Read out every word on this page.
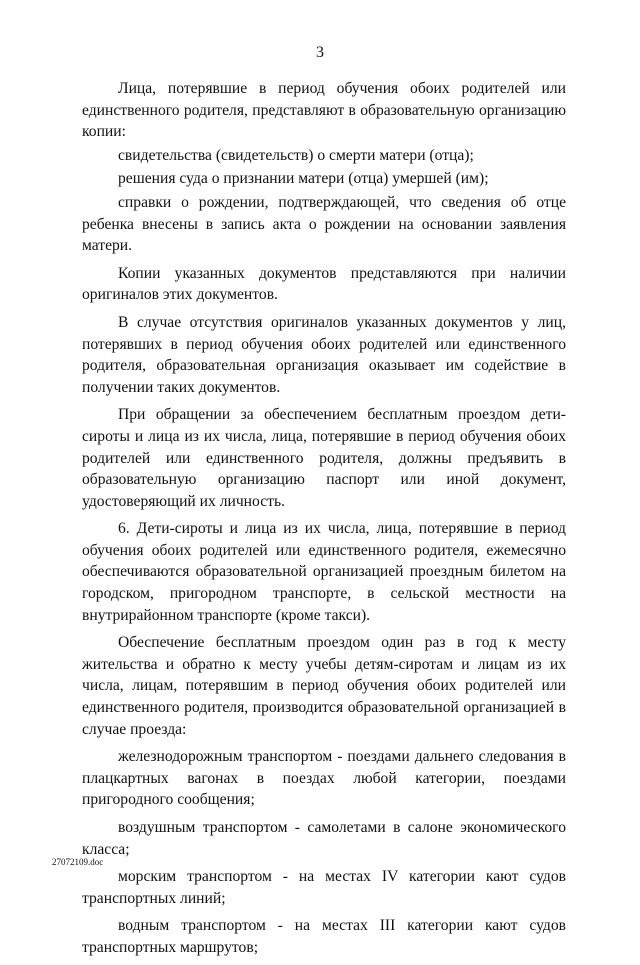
3

Лица, потерявшие в период обучения обоих родителей или единственного родителя, представляют в образовательную организацию копии:

свидетельства (свидетельств) о смерти матери (отца);

решения суда о признании матери (отца) умершей (им);

справки о рождении, подтверждающей, что сведения об отце ребенка внесены в запись акта о рождении на основании заявления матери.

Копии указанных документов представляются при наличии оригиналов этих документов.

В случае отсутствия оригиналов указанных документов у лиц, потерявших в период обучения обоих родителей или единственного родителя, образовательная организация оказывает им содействие в получении таких документов.

При обращении за обеспечением бесплатным проездом дети-сироты и лица из их числа, лица, потерявшие в период обучения обоих родителей или единственного родителя, должны предъявить в образовательную организацию паспорт или иной документ, удостоверяющий их личность.

6. Дети-сироты и лица из их числа, лица, потерявшие в период обучения обоих родителей или единственного родителя, ежемесячно обеспечиваются образовательной организацией проездным билетом на городском, пригородном транспорте, в сельской местности на внутрирайонном транспорте (кроме такси).

Обеспечение бесплатным проездом один раз в год к месту жительства и обратно к месту учебы детям-сиротам и лицам из их числа, лицам, потерявшим в период обучения обоих родителей или единственного родителя, производится образовательной организацией в случае проезда:

железнодорожным транспортом - поездами дальнего следования в плацкартных вагонах в поездах любой категории, поездами пригородного сообщения;

воздушным транспортом - самолетами в салоне экономического класса;

морским транспортом - на местах IV категории кают судов транспортных линий;

водным транспортом - на местах III категории кают судов транспортных маршрутов;

27072109.doc
